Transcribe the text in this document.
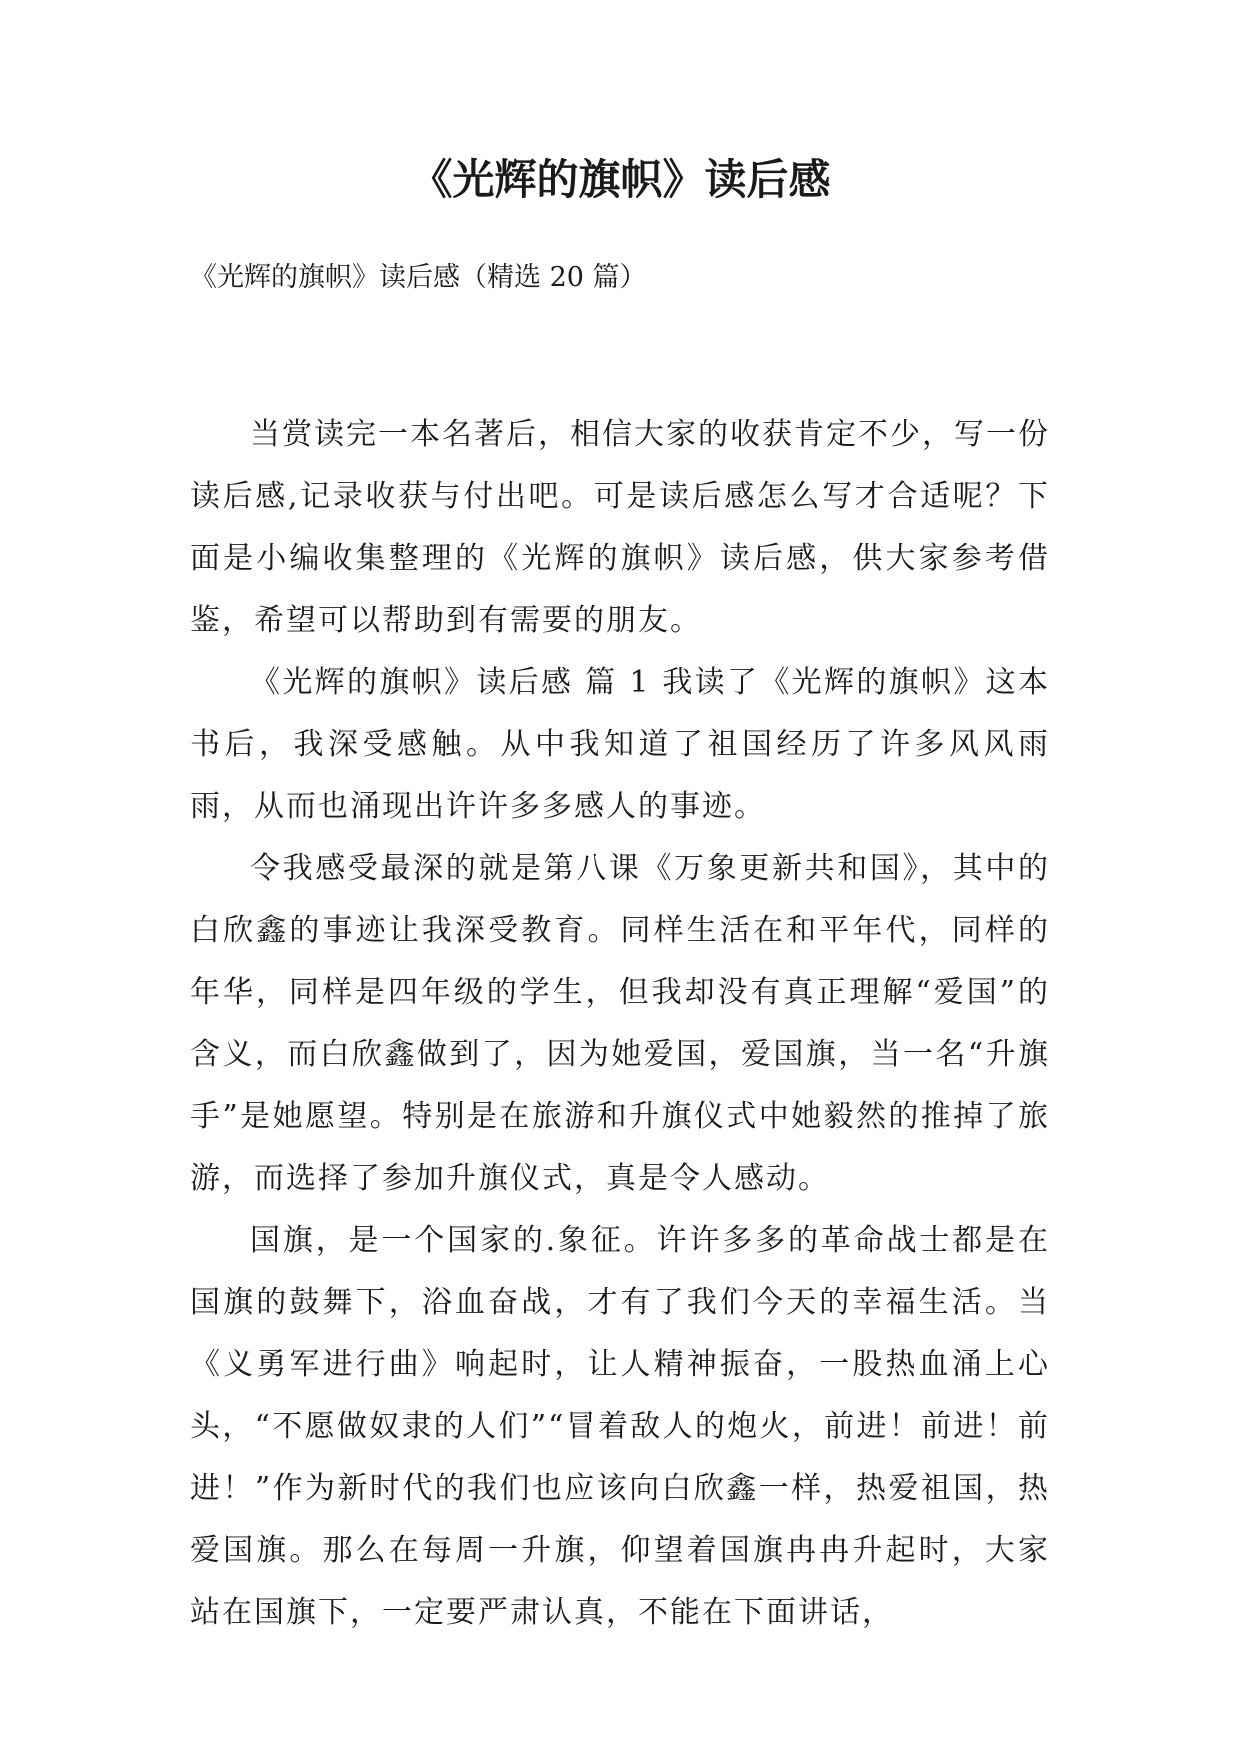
《光辉的旗帜》读后感

《光辉的旗帜》读后感（精选 20 篇）

当赏读完一本名著后，相信大家的收获肯定不少，写一份读后感,记录收获与付出吧。可是读后感怎么写才合适呢？下面是小编收集整理的《光辉的旗帜》读后感，供大家参考借鉴，希望可以帮助到有需要的朋友。

《光辉的旗帜》读后感 篇 1 我读了《光辉的旗帜》这本书后，我深受感触。从中我知道了祖国经历了许多风风雨雨，从而也涌现出许许多多感人的事迹。

令我感受最深的就是第八课《万象更新共和国》，其中的白欣鑫的事迹让我深受教育。同样生活在和平年代，同样的年华，同样是四年级的学生，但我却没有真正理解“爱国”的含义，而白欣鑫做到了，因为她爱国，爱国旗，当一名“升旗手”是她愿望。特别是在旅游和升旗仪式中她毅然的推掉了旅游，而选择了参加升旗仪式，真是令人感动。

国旗，是一个国家的.象征。许许多多的革命战士都是在国旗的鼓舞下，浴血奋战，才有了我们今天的幸福生活。当《义勇军进行曲》响起时，让人精神振奋，一股热血涌上心头，“不愿做奴隶的人们”“冒着敌人的炮火，前进！前进！前进！”作为新时代的我们也应该向白欣鑫一样，热爱祖国，热爱国旗。那么在每周一升旗，仰望着国旗冉冉升起时，大家站在国旗下，一定要严肃认真，不能在下面讲话，
